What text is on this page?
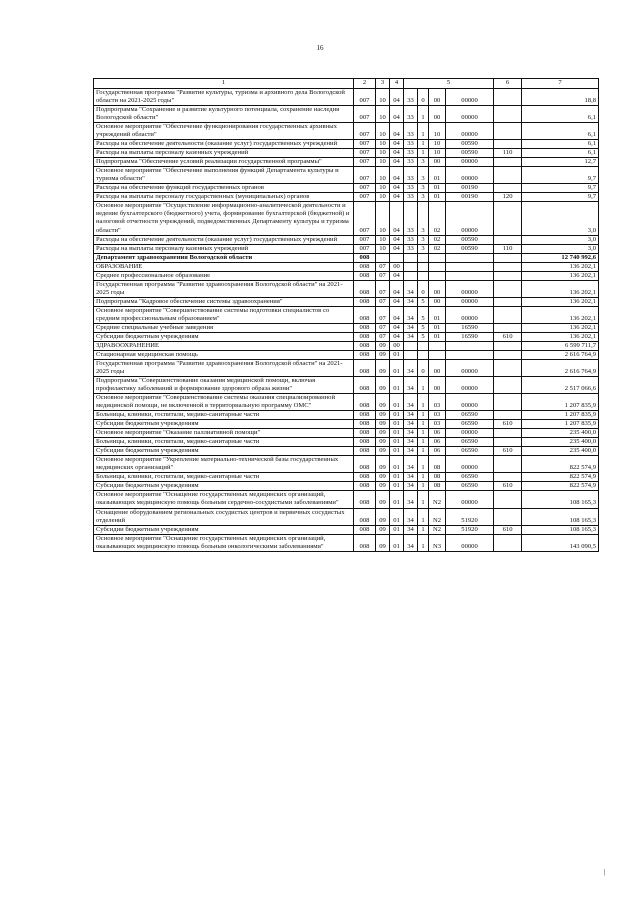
16
1	2	3	4	5				6	7
Государственная программа "Развитие культуры, туризма и архивного дела Вологодской области на 2021-2025 годы"	007	10	04	33	0	00	00000		18,8
Подпрограмма "Сохранение и развитие культурного потенциала, сохранение наследия Вологодской области"	007	10	04	33	1	00	00000		6,1
Основное мероприятие "Обеспечение функционирования государственных архивных учреждений области"	007	10	04	33	1	10	00000		6,1
Расходы на обеспечение деятельности (оказание услуг) государственных учреждений	007	10	04	33	1	10	00590		6,1
Расходы на выплаты персоналу казенных учреждений	007	10	04	33	1	10	00590	110	6,1
Подпрограмма "Обеспечение условий реализации государственной программы"	007	10	04	33	3	00	00000		12,7
Основное мероприятие "Обеспечение выполнения функций Департамента культуры и туризма области"	007	10	04	33	3	01	00000		9,7
Расходы на обеспечение функций государственных органов	007	10	04	33	3	01	00190		9,7
Расходы на выплаты персоналу государственных (муниципальных) органов	007	10	04	33	3	01	00190	120	9,7
Основное мероприятие "Осуществление информационно-аналитической деятельности и ведение бухгалтерского (бюджетного) учета, формирование бухгалтерской (бюджетной) и налоговой отчетности учреждений, подведомственных Департаменту культуры и туризма области"	007	10	04	33	3	02	00000		3,0
Расходы на обеспечение деятельности (оказание услуг) государственных учреждений	007	10	04	33	3	02	00590		3,0
Расходы на выплаты персоналу казенных учреждений	007	10	04	33	3	02	00590	110	3,0
Департамент здравоохранения Вологодской области	008								12 740 992,6
ОБРАЗОВАНИЕ	008	07	00						136 202,1
Среднее профессиональное образование	008	07	04						136 202,1
Государственная программа "Развитие здравоохранения Вологодской области" на 2021-2025 годы	008	07	04	34	0	00	00000		136 202,1
Подпрограмма "Кадровое обеспечение системы здравоохранения"	008	07	04	34	5	00	00000		136 202,1
Основное мероприятие "Совершенствование системы подготовки специалистов со средним профессиональным образованием"	008	07	04	34	5	01	00000		136 202,1
Средние специальные учебные заведения	008	07	04	34	5	01	16590		136 202,1
Субсидии бюджетным учреждениям	008	07	04	34	5	01	16590	610	136 202,1
ЗДРАВООХРАНЕНИЕ	008	09	00						6 599 711,7
Стационарная медицинская помощь	008	09	01						2 616 764,9
Государственная программа "Развитие здравоохранения Вологодской области" на 2021-2025 годы	008	09	01	34	0	00	00000		2 616 764,9
Подпрограмма "Совершенствование оказания медицинской помощи, включая профилактику заболеваний и формирование здорового образа жизни"	008	09	01	34	1	00	00000		2 517 066,6
Основное мероприятие "Совершенствование системы оказания специализированной медицинской помощи, не включенной в территориальную программу ОМС"	008	09	01	34	1	03	00000		1 207 835,9
Больницы, клиники, госпитали, медико-санитарные части	008	09	01	34	1	03	06590		1 207 835,9
Субсидии бюджетным учреждениям	008	09	01	34	1	03	06590	610	1 207 835,9
Основное мероприятие "Оказание паллиативной помощи"	008	09	01	34	1	06	00000		235 400,0
Больницы, клиники, госпитали, медико-санитарные части	008	09	01	34	1	06	06590		235 400,0
Субсидии бюджетным учреждениям	008	09	01	34	1	06	06590	610	235 400,0
Основное мероприятие "Укрепление материально-технической базы государственных медицинских организаций"	008	09	01	34	1	08	00000		822 574,9
Больницы, клиники, госпитали, медико-санитарные части	008	09	01	34	1	08	06590		822 574,9
Субсидии бюджетным учреждениям	008	09	01	34	1	08	06590	610	822 574,9
Основное мероприятие "Оснащение государственных медицинских организаций, оказывающих медицинскую помощь больным сердечно-сосудистыми заболеваниями"	008	09	01	34	1	N2	00000		108 165,3
Оснащение оборудованием региональных сосудистых центров и первичных сосудистых отделений	008	09	01	34	1	N2	51920		108 165,3
Субсидии бюджетным учреждениям	008	09	01	34	1	N2	51920	610	108 165,3
Основное мероприятие "Оснащение государственных медицинских организаций, оказывающих медицинскую помощь больным онкологическими заболеваниями"	008	09	01	34	1	N3	00000		143 090,5
|
